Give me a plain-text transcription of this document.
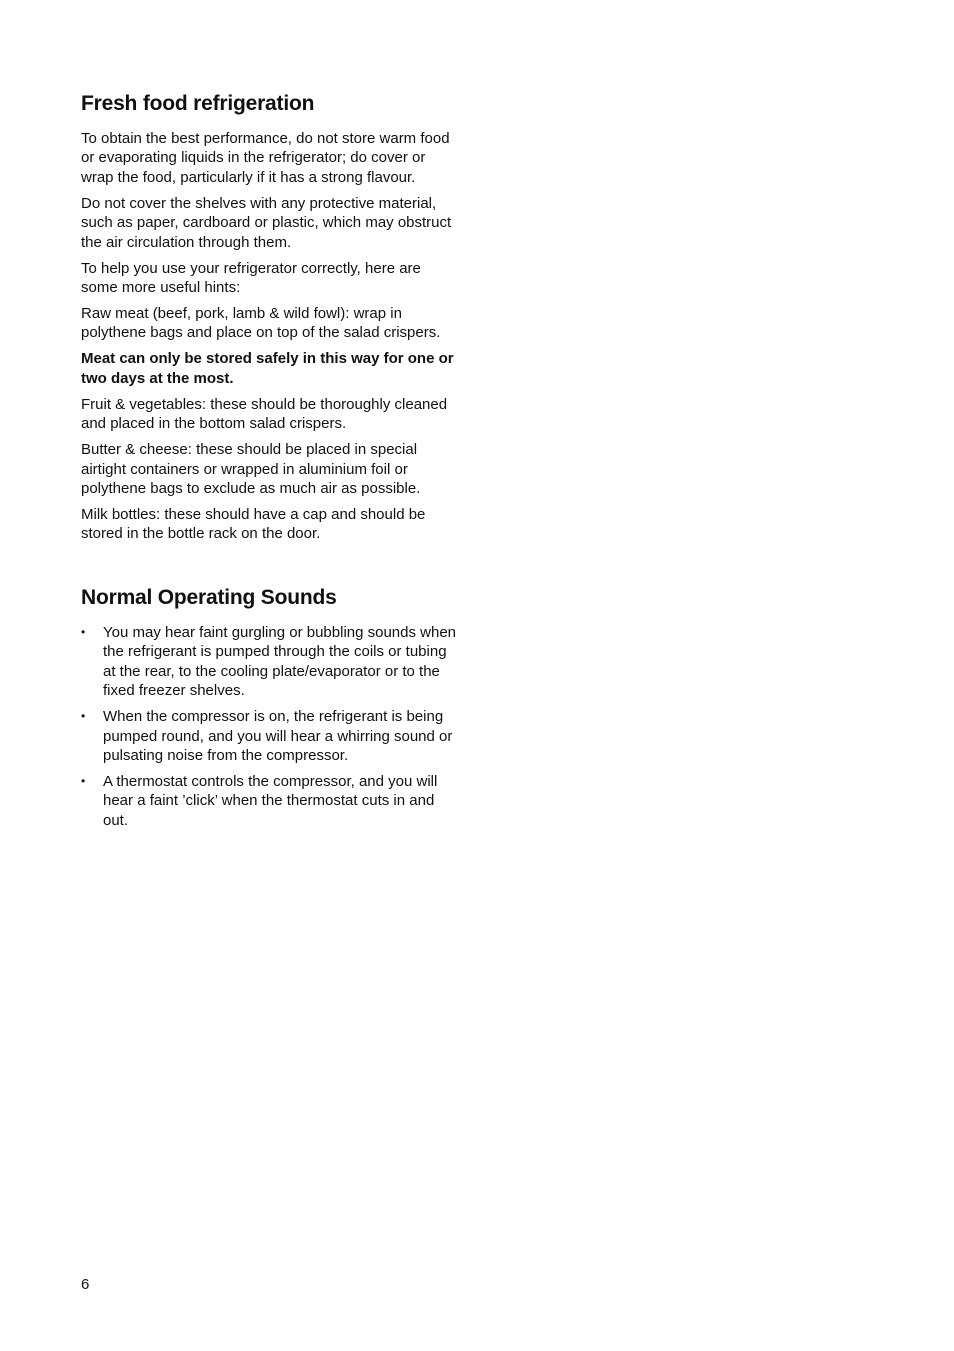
Fresh food refrigeration

To obtain the best performance, do not store warm food or evaporating liquids in the refrigerator; do cover or wrap the food, particularly if it has a strong flavour.

Do not cover the shelves with any protective material, such as paper, cardboard or plastic, which may obstruct the air circulation through them.

To help you use your refrigerator correctly, here are some more useful hints:

Raw meat (beef, pork, lamb & wild fowl): wrap in polythene bags and place on top of the salad crispers.

Meat can only be stored safely in this way for one or two days at the most.

Fruit & vegetables: these should be thoroughly cleaned and placed in the bottom salad crispers.

Butter & cheese: these should be placed in special airtight containers or wrapped in aluminium foil or polythene bags to exclude as much air as possible.

Milk bottles: these should have a cap and should be stored in the bottle rack on the door.

Normal Operating Sounds
• You may hear faint gurgling or bubbling sounds when the refrigerant is pumped through the coils or tubing at the rear, to the cooling plate/evaporator or to the fixed freezer shelves.
• When the compressor is on, the refrigerant is being pumped round, and you will hear a whirring sound or pulsating noise from the compressor.
• A thermostat controls the compressor, and you will hear a faint ’click’ when the thermostat cuts in and out.
6
